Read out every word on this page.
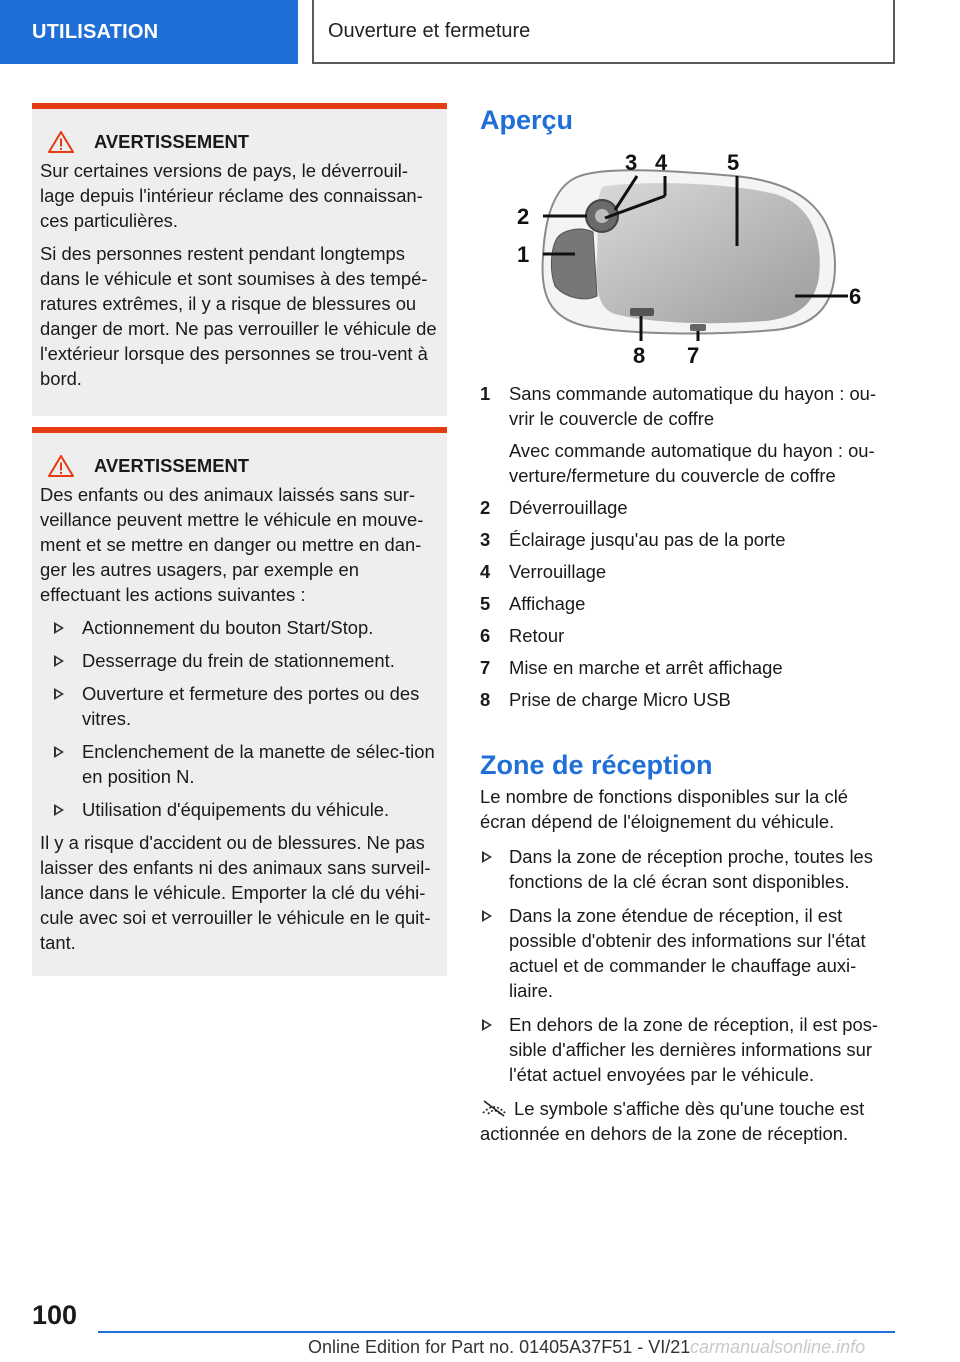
UTILISATION	Ouverture et fermeture
AVERTISSEMENT

Sur certaines versions de pays, le déverrouil-lage depuis l'intérieur réclame des connaissan-ces particulières.

Si des personnes restent pendant longtemps dans le véhicule et sont soumises à des tempé-ratures extrêmes, il y a risque de blessures ou danger de mort. Ne pas verrouiller le véhicule de l'extérieur lorsque des personnes se trou-vent à bord.

AVERTISSEMENT

Des enfants ou des animaux laissés sans sur-veillance peuvent mettre le véhicule en mouve-ment et se mettre en danger ou mettre en dan-ger les autres usagers, par exemple en effectuant les actions suivantes :

Actionnement du bouton Start/Stop.
Desserrage du frein de stationnement.
Ouverture et fermeture des portes ou des vitres.
Enclenchement de la manette de sélec-tion en position N.
Utilisation d'équipements du véhicule.

Il y a risque d'accident ou de blessures. Ne pas laisser des enfants ni des animaux sans surveil-lance dans le véhicule. Emporter la clé du véhi-cule avec soi et verrouiller le véhicule en le quit-tant.

Aperçu
1
2
3 4	5
6
7
8
1	Sans commande automatique du hayon : ou-vrir le couvercle de coffre

Avec commande automatique du hayon : ou-verture/fermeture du couvercle de coffre

2	Déverrouillage

3	Éclairage jusqu'au pas de la porte

4	Verrouillage

5	Affichage

6	Retour

7	Mise en marche et arrêt affichage

8	Prise de charge Micro USB

Zone de réception
Le nombre de fonctions disponibles sur la clé écran dépend de l'éloignement du véhicule.
Dans la zone de réception proche, toutes les fonctions de la clé écran sont disponibles.
Dans la zone étendue de réception, il est possible d'obtenir des informations sur l'état actuel et de commander le chauffage auxi-liaire.
En dehors de la zone de réception, il est pos-sible d'afficher les dernières informations sur l'état actuel envoyées par le véhicule.
Le symbole s'affiche dès qu'une touche est actionnée en dehors de la zone de réception.
100
Online Edition for Part no. 01405A37F51 - VI/21 carmanualsonline.info
